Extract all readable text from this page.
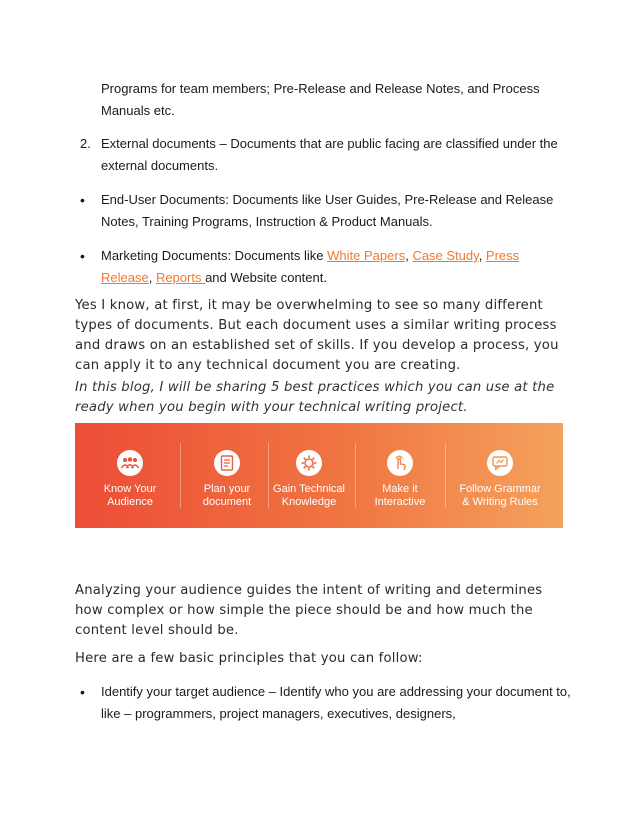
Programs for team members; Pre-Release and Release Notes, and Process Manuals etc.
2. External documents – Documents that are public facing are classified under the external documents.
• End-User Documents: Documents like User Guides, Pre-Release and Release Notes, Training Programs, Instruction & Product Manuals.
• Marketing Documents: Documents like White Papers, Case Study, Press Release, Reports and Website content.
Yes I know, at first, it may be overwhelming to see so many different types of documents. But each document uses a similar writing process and draws on an established set of skills. If you develop a process, you can apply it to any technical document you are creating.
In this blog, I will be sharing 5 best practices which you can use at the ready when you begin with your technical writing project.
Know Your
Audience
Plan your
document
Gain Technical
Knowledge
Make it
Interactive
Follow Grammar
& Writing Rules
Analyzing your audience guides the intent of writing and determines how complex or how simple the piece should be and how much the content level should be.
Here are a few basic principles that you can follow:
• Identify your target audience – Identify who you are addressing your document to, like – programmers, project managers, executives, designers,
